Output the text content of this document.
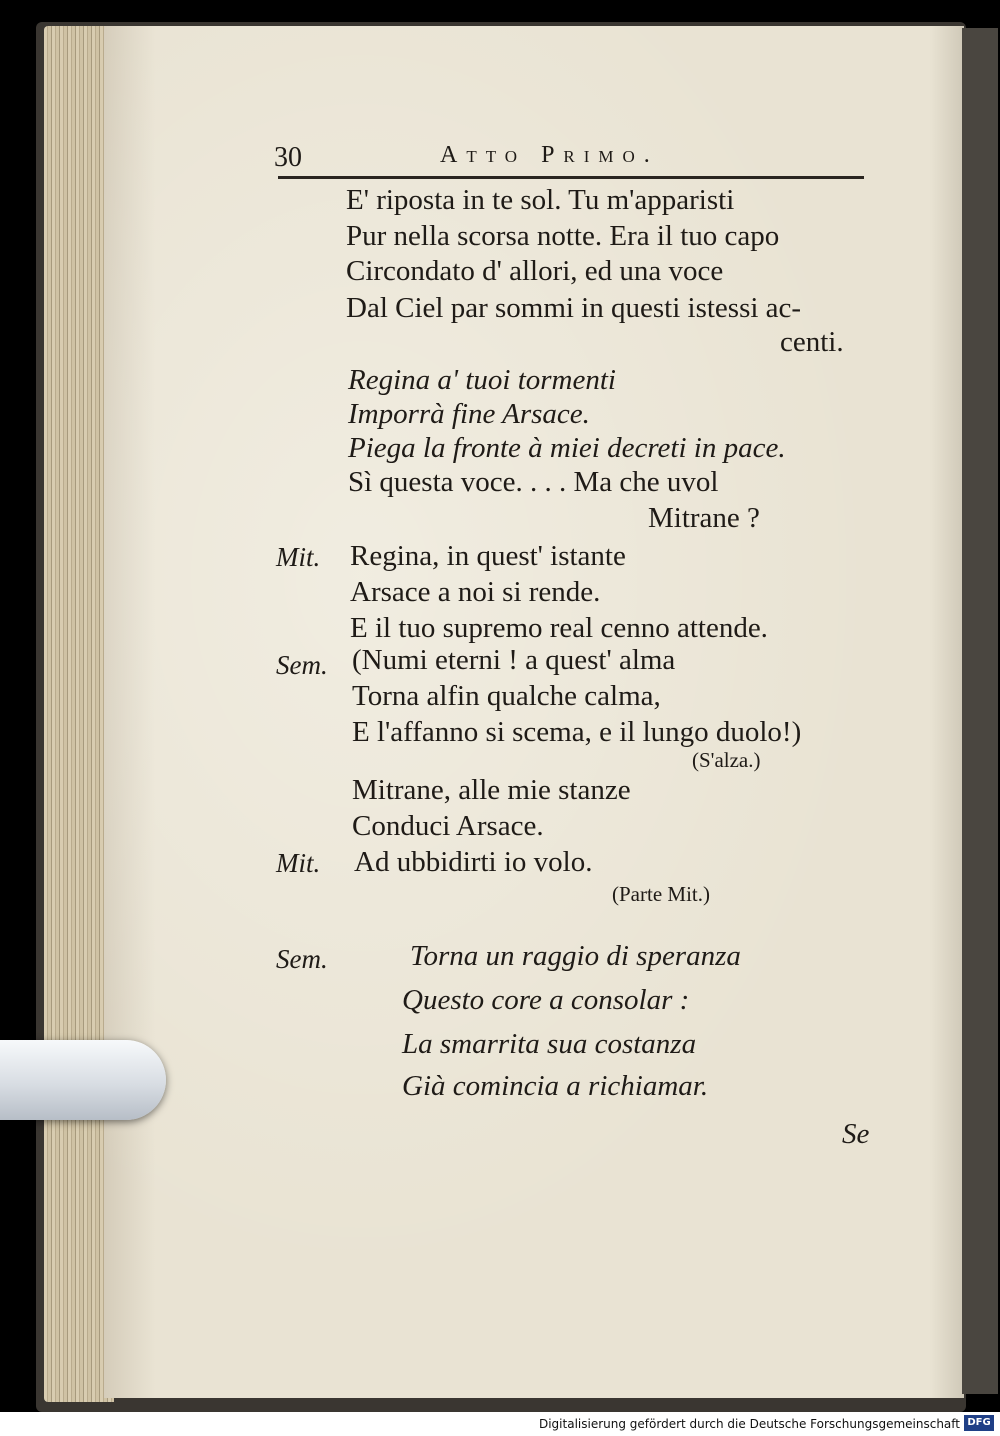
30	Atto Primo.
E' riposta in te sol. Tu m'apparisti
Pur nella scorsa notte. Era il tuo capo
Circondato d' allori, ed una voce
Dal Ciel par sommi in questi istessi ac-
centi.
Regina a' tuoi tormenti
Imporrà fine Arsace.
Piega la fronte à miei decreti in pace.
Sì questa voce. . . . Ma che uvol
Mitrane ?
Mit. Regina, in quest' istante
Arsace a noi si rende.
E il tuo supremo real cenno attende.
Sem. (Numi eterni ! a quest' alma
Torna alfin qualche calma,
E l'affanno si scema, e il lungo duolo!)
(S'alza.)
Mitrane, alle mie stanze
Conduci Arsace.
Mit. Ad ubbidirti io volo.
(Parte Mit.)
Sem.	Torna un raggio di speranza
Questo core a consolar :
La smarrita sua costanza
Già comincia a richiamar.
Se
Digitalisierung gefördert durch die Deutsche Forschungsgemeinschaft DFG
